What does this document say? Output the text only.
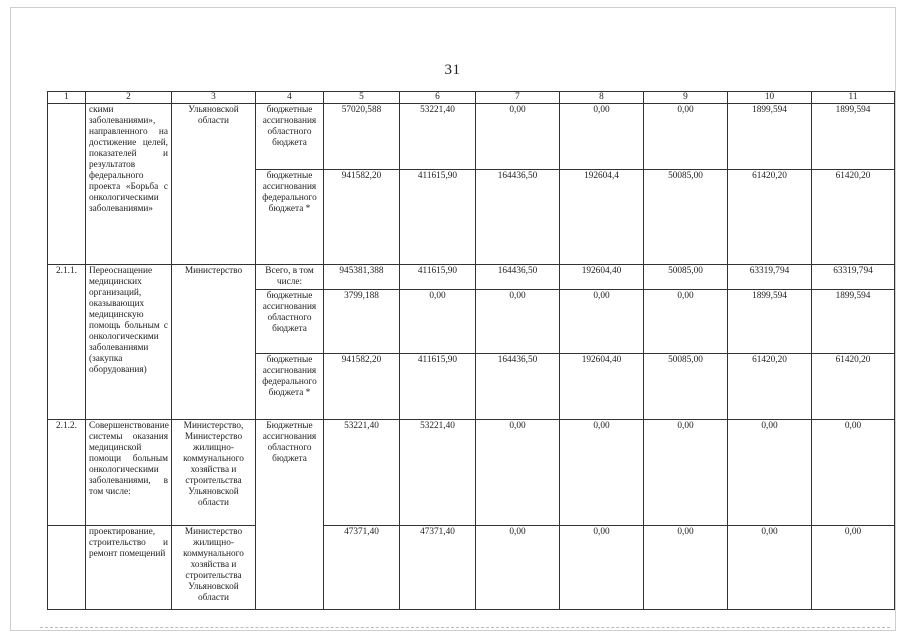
31
1	2	3	4	5	6	7	8	9	10	11
	скими заболеваниями», направленного на достижение целей, показателей и результатов федерального проекта «Борьба с онкологическими заболеваниями»	Ульяновской области	бюджетные ассигнования областного бюджета	57020,588	53221,40	0,00	0,00	0,00	1899,594	1899,594
			бюджетные ассигнования федерального бюджета *	941582,20	411615,90	164436,50	192604,4	50085,00	61420,20	61420,20
2.1.1.	Переоснащение медицинских организаций, оказывающих медицинскую помощь больным с онкологическими заболеваниями (закупка оборудования)	Министерство	Всего, в том числе:	945381,388	411615,90	164436,50	192604,40	50085,00	63319,794	63319,794
			бюджетные ассигнования областного бюджета	3799,188	0,00	0,00	0,00	0,00	1899,594	1899,594
			бюджетные ассигнования федерального бюджета *	941582,20	411615,90	164436,50	192604,40	50085,00	61420,20	61420,20
2.1.2.	Совершенствование системы оказания медицинской помощи больным онкологическими заболеваниями, в том числе:	Министерство, Министерство жилищно-коммунального хозяйства и строительства Ульяновской области	Бюджетные ассигнования областного бюджета	53221,40	53221,40	0,00	0,00	0,00	0,00	0,00
	проектирование, строительство и ремонт помещений	Министерство жилищно-коммунального хозяйства и строительства Ульяновской области		47371,40	47371,40	0,00	0,00	0,00	0,00	0,00
